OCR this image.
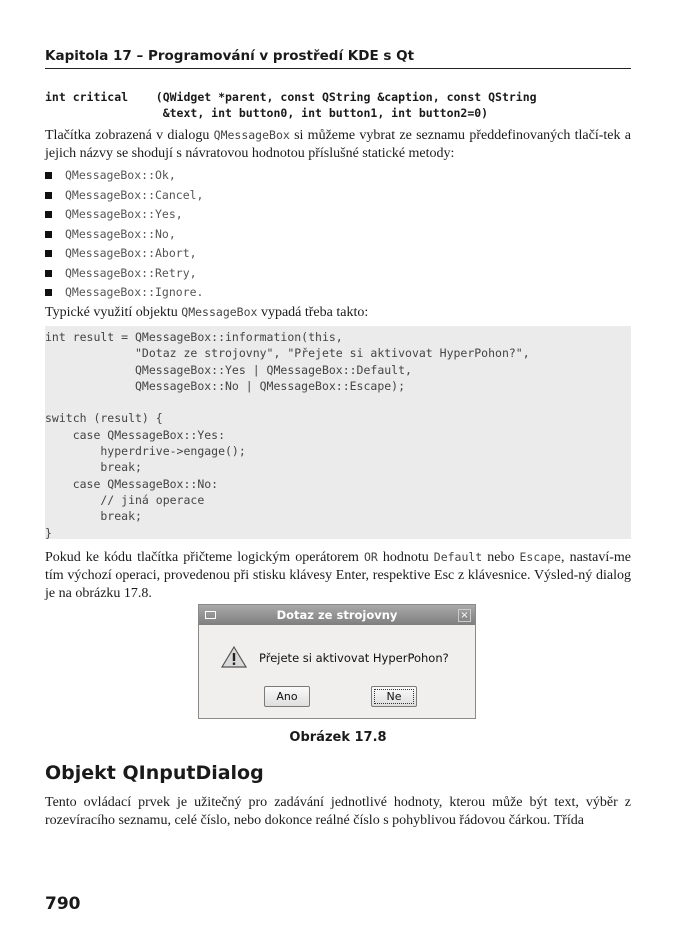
Kapitola 17 – Programování v prostředí KDE s Qt
int critical    (QWidget *parent, const QString &caption, const QString
&text, int button0, int button1, int button2=0)
Tlačítka zobrazená v dialogu QMessageBox si můžeme vybrat ze seznamu předdefinovaných tlačí-tek a jejich názvy se shodují s návratovou hodnotou příslušné statické metody:
QMessageBox::Ok,
QMessageBox::Cancel,
QMessageBox::Yes,
QMessageBox::No,
QMessageBox::Abort,
QMessageBox::Retry,
QMessageBox::Ignore.
Typické využití objektu QMessageBox vypadá třeba takto:
int result = QMessageBox::information(this,
"Dotaz ze strojovny", "Přejete si aktivovat HyperPohon?",
QMessageBox::Yes | QMessageBox::Default,
QMessageBox::No | QMessageBox::Escape);

switch (result) {
case QMessageBox::Yes:
hyperdrive->engage();
break;
case QMessageBox::No:
// jiná operace
break;
}
Pokud ke kódu tlačítka přičteme logickým operátorem OR hodnotu Default nebo Escape, nastaví-me tím výchozí operaci, provedenou při stisku klávesy Enter, respektive Esc z klávesnice. Výsled-ný dialog je na obrázku 17.8.
Dotaz ze strojovny	×
Přejete si aktivovat HyperPohon?
Ano	Ne
Obrázek 17.8
Objekt QInputDialog
Tento ovládací prvek je užitečný pro zadávání jednotlivé hodnoty, kterou může být text, výběr z rozevíracího seznamu, celé číslo, nebo dokonce reálné číslo s pohyblivou řádovou čárkou. Třída
790
